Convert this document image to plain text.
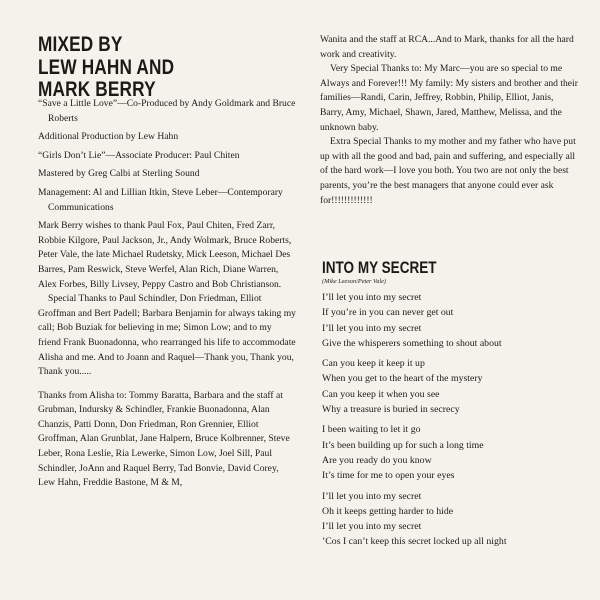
MIXED BY
LEW HAHN AND
MARK BERRY

“Save a Little Love”—Co-Produced by Andy Goldmark and Bruce Roberts

Additional Production by Lew Hahn

“Girls Don’t Lie”—Associate Producer: Paul Chiten

Mastered by Greg Calbi at Sterling Sound

Management: Al and Lillian Itkin, Steve Leber—Contemporary Communications

Mark Berry wishes to thank Paul Fox, Paul Chiten, Fred Zarr, Robbie Kilgore, Paul Jackson, Jr., Andy Wolmark, Bruce Roberts, Peter Vale, the late Michael Rudetsky, Mick Leeson, Michael Des Barres, Pam Reswick, Steve Werfel, Alan Rich, Diane Warren, Alex Forbes, Billy Livsey, Peppy Castro and Bob Christianson.

Special Thanks to Paul Schindler, Don Friedman, Elliot Groffman and Bert Padell; Barbara Benjamin for always taking my call; Bob Buziak for believing in me; Simon Low; and to my friend Frank Buonadonna, who rearranged his life to accommodate Alisha and me. And to Joann and Raquel—Thank you, Thank you, Thank you.....

Thanks from Alisha to: Tommy Baratta, Barbara and the staff at Grubman, Indursky & Schindler, Frankie Buonadonna, Alan Chanzis, Patti Donn, Don Friedman, Ron Grennier, Elliot Groffman, Alan Grunblat, Jane Halpern, Bruce Kolbrenner, Steve Leber, Rona Leslie, Ria Lewerke, Simon Low, Joel Sill, Paul Schindler, JoAnn and Raquel Berry, Tad Bonvie, David Corey, Lew Hahn, Freddie Bastone, M & M,

Wanita and the staff at RCA...And to Mark, thanks for all the hard work and creativity.

Very Special Thanks to: My Marc—you are so special to me Always and Forever!!! My family: My sisters and brother and their families—Randi, Carin, Jeffrey, Robbin, Philip, Elliot, Janis, Barry, Amy, Michael, Shawn, Jared, Matthew, Melissa, and the unknown baby.

Extra Special Thanks to my mother and my father who have put up with all the good and bad, pain and suffering, and especially all of the hard work—I love you both. You two are not only the best parents, you’re the best managers that anyone could ever ask for!!!!!!!!!!!!!

INTO MY SECRET
(Mike Leeson/Peter Vale)

I’ll let you into my secret

If you’re in you can never get out

I’ll let you into my secret

Give the whisperers something to shout about

Can you keep it keep it up

When you get to the heart of the mystery

Can you keep it when you see

Why a treasure is buried in secrecy

I been waiting to let it go

It’s been building up for such a long time

Are you ready do you know

It’s time for me to open your eyes

I’ll let you into my secret

Oh it keeps getting harder to hide

I’ll let you into my secret

’Cos I can’t keep this secret locked up all night
